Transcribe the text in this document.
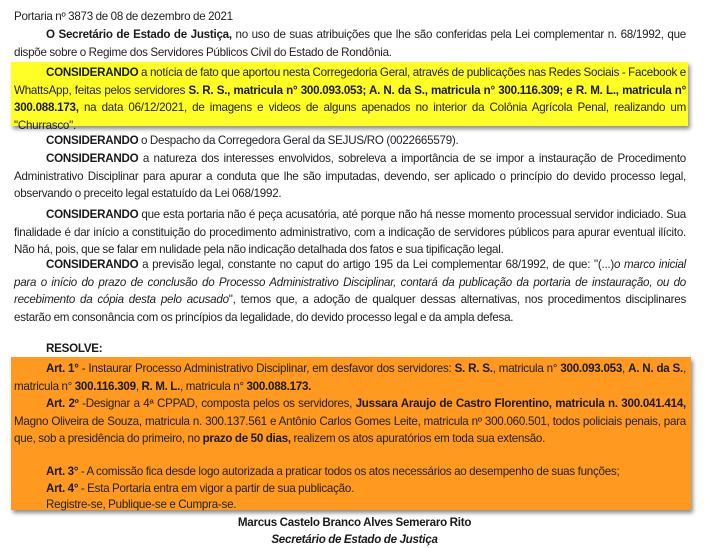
Portaria nº 3873 de 08 de dezembro de 2021
O Secretário de Estado de Justiça, no uso de suas atribuições que lhe são conferidas pela Lei complementar n. 68/1992, que dispõe sobre o Regime dos Servidores Públicos Civil do Estado de Rondônia.
CONSIDERANDO a notícia de fato que aportou nesta Corregedoria Geral, através de publicações nas Redes Sociais - Facebook e WhattsApp, feitas pelos servidores S. R. S., matricula n° 300.093.053; A. N. da S., matricula n° 300.116.309; e R. M. L., matricula n° 300.088.173, na data 06/12/2021, de imagens e videos de alguns apenados no interior da Colônia Agrícola Penal, realizando um "Churrasco".
CONSIDERANDO o Despacho da Corregedora Geral da SEJUS/RO (0022665579).
CONSIDERANDO a natureza dos interesses envolvidos, sobreleva a importância de se impor a instauração de Procedimento Administrativo Disciplinar para apurar a conduta que lhe são imputadas, devendo, ser aplicado o princípio do devido processo legal, observando o preceito legal estatuído da Lei 068/1992.
CONSIDERANDO que esta portaria não é peça acusatória, até porque não há nesse momento processual servidor indiciado. Sua finalidade é dar início a constituição do procedimento administrativo, com a indicação de servidores públicos para apurar eventual ilícito. Não há, pois, que se falar em nulidade pela não indicação detalhada dos fatos e sua tipificação legal.
CONSIDERANDO a previsão legal, constante no caput do artigo 195 da Lei complementar 68/1992, de que: "(...)o marco inicial para o início do prazo de conclusão do Processo Administrativo Disciplinar, contará da publicação da portaria de instauração, ou do recebimento da cópia desta pelo acusado", temos que, a adoção de qualquer dessas alternativas, nos procedimentos disciplinares estarão em consonância com os princípios da legalidade, do devido processo legal e da ampla defesa.
RESOLVE:
Art. 1° - Instaurar Processo Administrativo Disciplinar, em desfavor dos servidores: S. R. S., matricula n° 300.093.053, A. N. da S., matricula n° 300.116.309, R. M. L., matricula n° 300.088.173.
Art. 2º -Designar a 4ª CPPAD, composta pelos os servidores, Jussara Araujo de Castro Florentino, matricula n. 300.041.414, Magno Oliveira de Souza, matricula n. 300.137.561 e Antônio Carlos Gomes Leite, matricula nº 300.060.501, todos policiais penais, para que, sob a presidência do primeiro, no prazo de 50 dias, realizem os atos apuratórios em toda sua extensão.
Art. 3° - A comissão fica desde logo autorizada a praticar todos os atos necessários ao desempenho de suas funções;
Art. 4° - Esta Portaria entra em vigor a partir de sua publicação.
Registre-se, Publique-se e Cumpra-se.
Marcus Castelo Branco Alves Semeraro Rito
Secretário de Estado de Justiça
